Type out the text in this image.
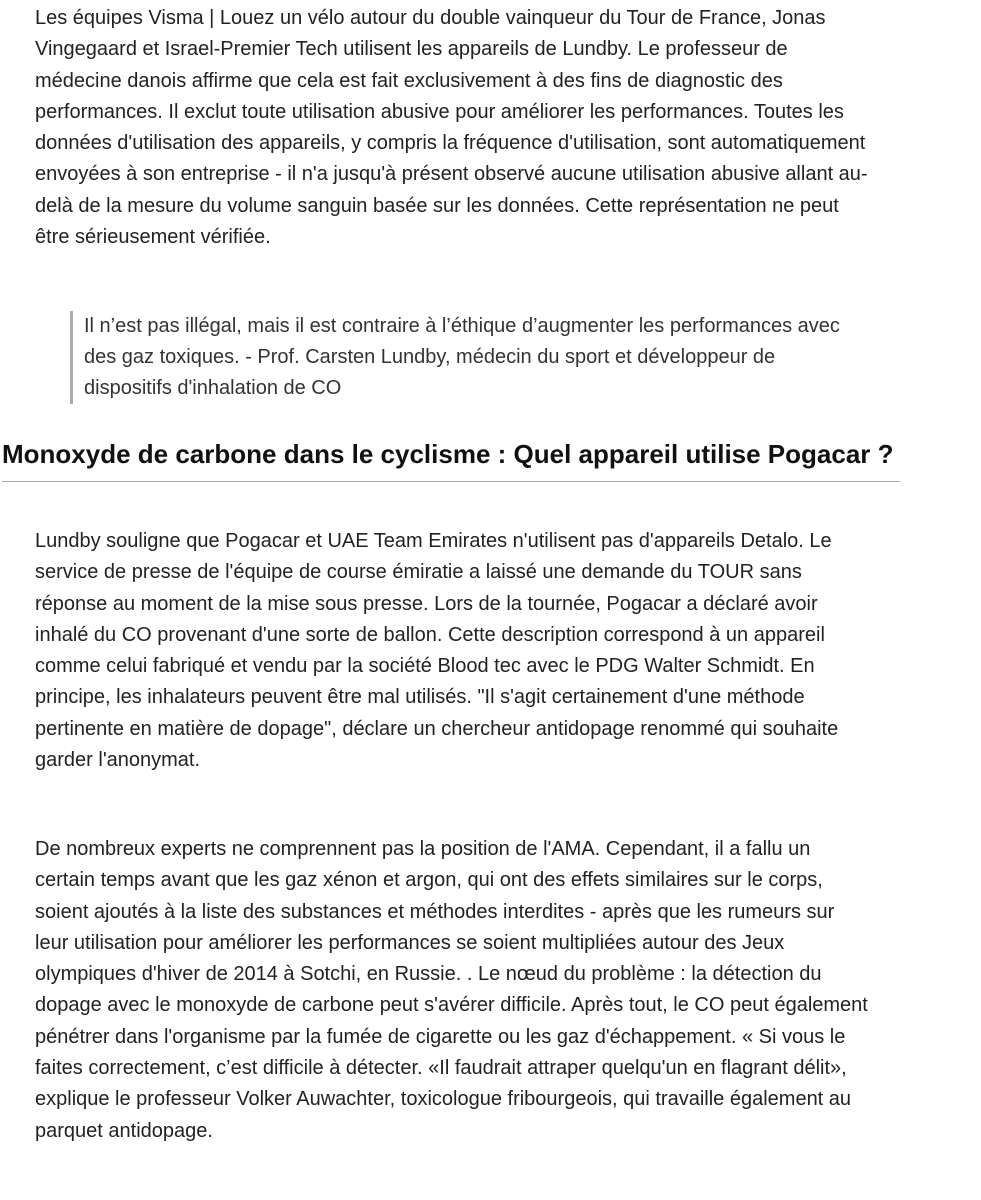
Les équipes Visma | Louez un vélo autour du double vainqueur du Tour de France, Jonas Vingegaard et Israel-Premier Tech utilisent les appareils de Lundby. Le professeur de médecine danois affirme que cela est fait exclusivement à des fins de diagnostic des performances. Il exclut toute utilisation abusive pour améliorer les performances. Toutes les données d'utilisation des appareils, y compris la fréquence d'utilisation, sont automatiquement envoyées à son entreprise - il n'a jusqu'à présent observé aucune utilisation abusive allant au-delà de la mesure du volume sanguin basée sur les données. Cette représentation ne peut être sérieusement vérifiée.

Il n’est pas illégal, mais il est contraire à l’éthique d’augmenter les performances avec des gaz toxiques. - Prof. Carsten Lundby, médecin du sport et développeur de dispositifs d'inhalation de CO
Monoxyde de carbone dans le cyclisme : Quel appareil utilise Pogacar ?

Lundby souligne que Pogacar et UAE Team Emirates n'utilisent pas d'appareils Detalo. Le service de presse de l'équipe de course émiratie a laissé une demande du TOUR sans réponse au moment de la mise sous presse. Lors de la tournée, Pogacar a déclaré avoir inhalé du CO provenant d'une sorte de ballon. Cette description correspond à un appareil comme celui fabriqué et vendu par la société Blood tec avec le PDG Walter Schmidt. En principe, les inhalateurs peuvent être mal utilisés. "Il s'agit certainement d'une méthode pertinente en matière de dopage", déclare un chercheur antidopage renommé qui souhaite garder l'anonymat.

De nombreux experts ne comprennent pas la position de l'AMA. Cependant, il a fallu un certain temps avant que les gaz xénon et argon, qui ont des effets similaires sur le corps, soient ajoutés à la liste des substances et méthodes interdites - après que les rumeurs sur leur utilisation pour améliorer les performances se soient multipliées autour des Jeux olympiques d'hiver de 2014 à Sotchi, en Russie. . Le nœud du problème : la détection du dopage avec le monoxyde de carbone peut s'avérer difficile. Après tout, le CO peut également pénétrer dans l'organisme par la fumée de cigarette ou les gaz d'échappement. « Si vous le faites correctement, c’est difficile à détecter. «Il faudrait attraper quelqu'un en flagrant délit», explique le professeur Volker Auwachter, toxicologue fribourgeois, qui travaille également au parquet antidopage.
